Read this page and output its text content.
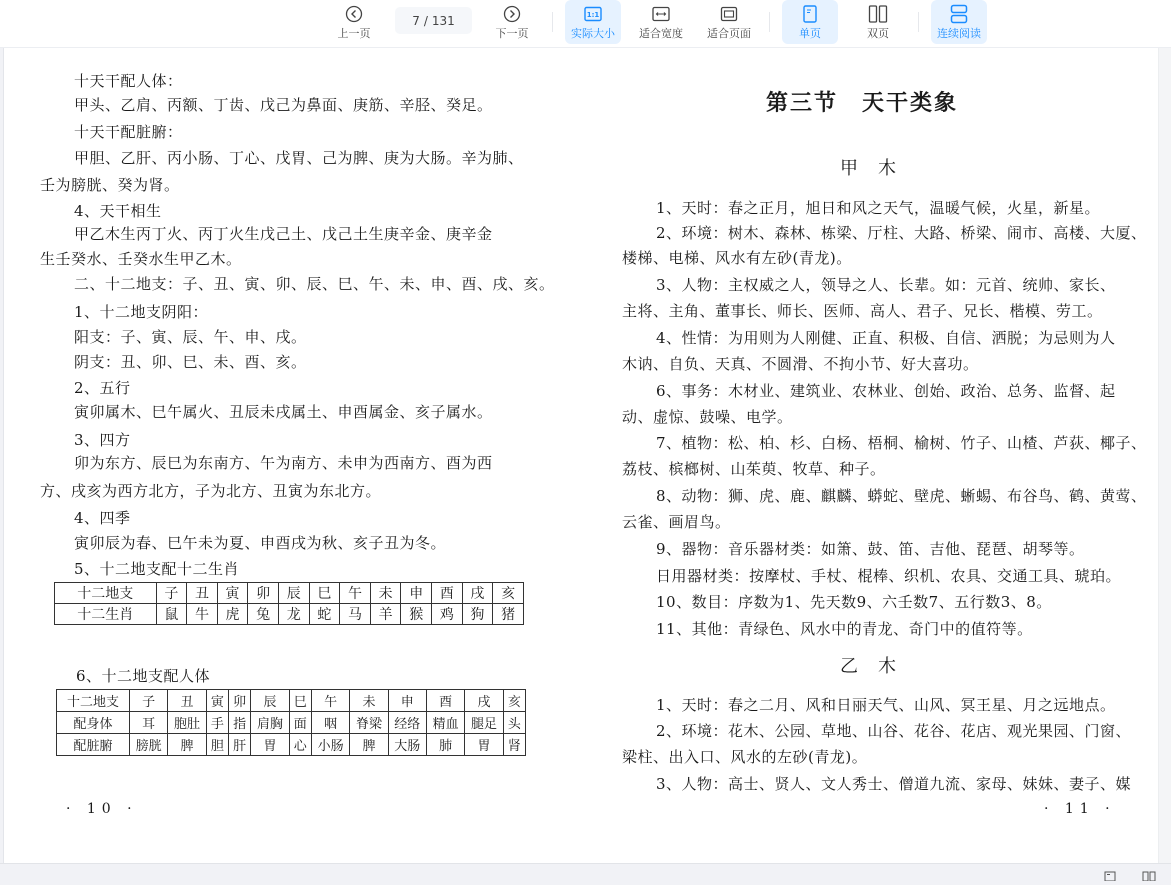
上一页
7 / 131
下一页
1:1
实际大小 适合宽度 适合页面	单页	双页	连续阅读
十天干配人体：
甲头、乙肩、丙额、丁齿、戊己为鼻面、庚筋、辛胫、癸足。
十天干配脏腑：
甲胆、乙肝、丙小肠、丁心、戊胃、己为脾、庚为大肠。辛为肺、
壬为膀胱、癸为肾。
4、天干相生
甲乙木生丙丁火、丙丁火生戊己土、戊己土生庚辛金、庚辛金
生壬癸水、壬癸水生甲乙木。
二、十二地支：子、丑、寅、卯、辰、巳、午、未、申、酉、戌、亥。
1、十二地支阴阳：
阳支：子、寅、辰、午、申、戌。
阴支：丑、卯、巳、未、酉、亥。
2、五行
寅卯属木、巳午属火、丑辰未戌属土、申酉属金、亥子属水。
3、四方
卯为东方、辰巳为东南方、午为南方、未申为西南方、酉为西
方、戌亥为西方北方，子为北方、丑寅为东北方。
4、四季
寅卯辰为春、巳午未为夏、申酉戌为秋、亥子丑为冬。
5、十二地支配十二生肖
十二地支	子	丑	寅	卯	辰	巳	午	未	申	酉	戌	亥
十二生肖	鼠	牛	虎	兔	龙	蛇	马	羊	猴	鸡	狗	猪
6、十二地支配人体
十二地支	子	丑	寅	卯	辰	巳	午	未	申	酉	戌	亥
配身体	耳	胞肚	手	指	肩胸	面	咽	脊梁	经络	精血	腿足	头
配脏腑	膀胱	脾	胆	肝	胃	心	小肠	脾	大肠	肺	胃	肾
· 10 ·
第三节　天干类象
甲木
1、天时：春之正月，旭日和风之天气，温暖气候，火星，新星。
2、环境：树木、森林、栋梁、厅柱、大路、桥梁、闹市、高楼、大厦、
楼梯、电梯、风水有左砂(青龙)。
3、人物：主权威之人，领导之人、长辈。如：元首、统帅、家长、
主将、主角、董事长、师长、医师、高人、君子、兄长、楷模、劳工。
4、性情：为用则为人刚健、正直、积极、自信、洒脱；为忌则为人
木讷、自负、天真、不圆滑、不拘小节、好大喜功。
6、事务：木材业、建筑业、农林业、创始、政治、总务、监督、起
动、虚惊、鼓噪、电学。
7、植物：松、柏、杉、白杨、梧桐、榆树、竹子、山楂、芦荻、椰子、
荔枝、槟榔树、山茱萸、牧草、种子。
8、动物：狮、虎、鹿、麒麟、蟒蛇、壁虎、蜥蜴、布谷鸟、鹤、黄莺、
云雀、画眉鸟。
9、器物：音乐器材类：如箫、鼓、笛、吉他、琵琶、胡琴等。
日用器材类：按摩杖、手杖、棍棒、织机、农具、交通工具、琥珀。
10、数目：序数为1、先天数9、六壬数7、五行数3、8。
11、其他：青绿色、风水中的青龙、奇门中的值符等。
乙木
1、天时：春之二月、风和日丽天气、山风、冥王星、月之远地点。
2、环境：花木、公园、草地、山谷、花谷、花店、观光果园、门窗、
梁柱、出入口、风水的左砂(青龙)。
3、人物：高士、贤人、文人秀士、僧道九流、家母、妹妹、妻子、媒
· 11 ·
